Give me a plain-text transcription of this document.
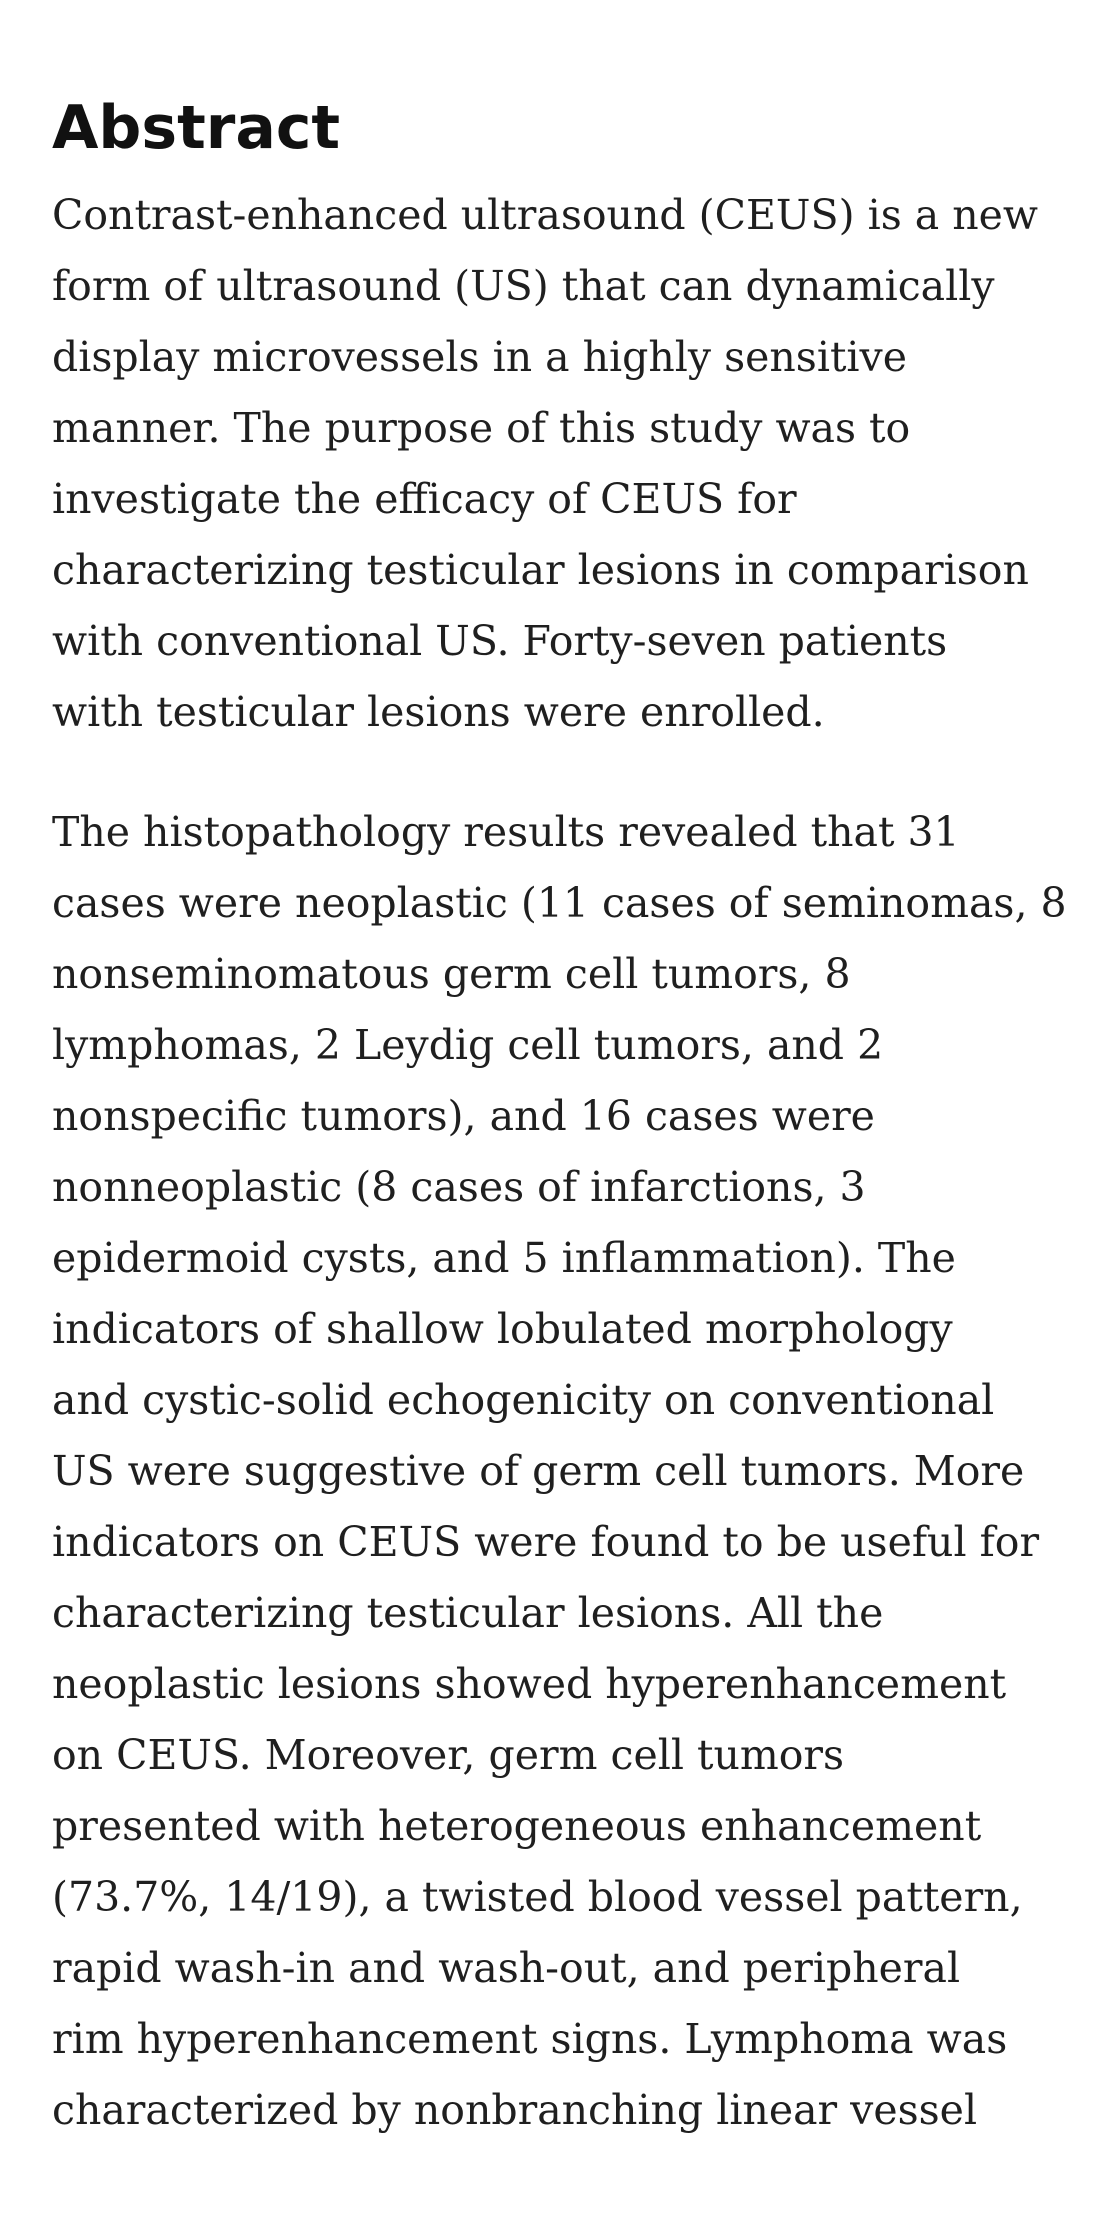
Abstract

Contrast-enhanced ultrasound (CEUS) is a new
form of ultrasound (US) that can dynamically
display microvessels in a highly sensitive
manner. The purpose of this study was to
investigate the efficacy of CEUS for
characterizing testicular lesions in comparison
with conventional US. Forty-seven patients
with testicular lesions were enrolled.

The histopathology results revealed that 31
cases were neoplastic (11 cases of seminomas, 8
nonseminomatous germ cell tumors, 8
lymphomas, 2 Leydig cell tumors, and 2
nonspecific tumors), and 16 cases were
nonneoplastic (8 cases of infarctions, 3
epidermoid cysts, and 5 inflammation). The
indicators of shallow lobulated morphology
and cystic-solid echogenicity on conventional
US were suggestive of germ cell tumors. More
indicators on CEUS were found to be useful for
characterizing testicular lesions. All the
neoplastic lesions showed hyperenhancement
on CEUS. Moreover, germ cell tumors
presented with heterogeneous enhancement
(73.7%, 14/19), a twisted blood vessel pattern,
rapid wash-in and wash-out, and peripheral
rim hyperenhancement signs. Lymphoma was
characterized by nonbranching linear vessel
